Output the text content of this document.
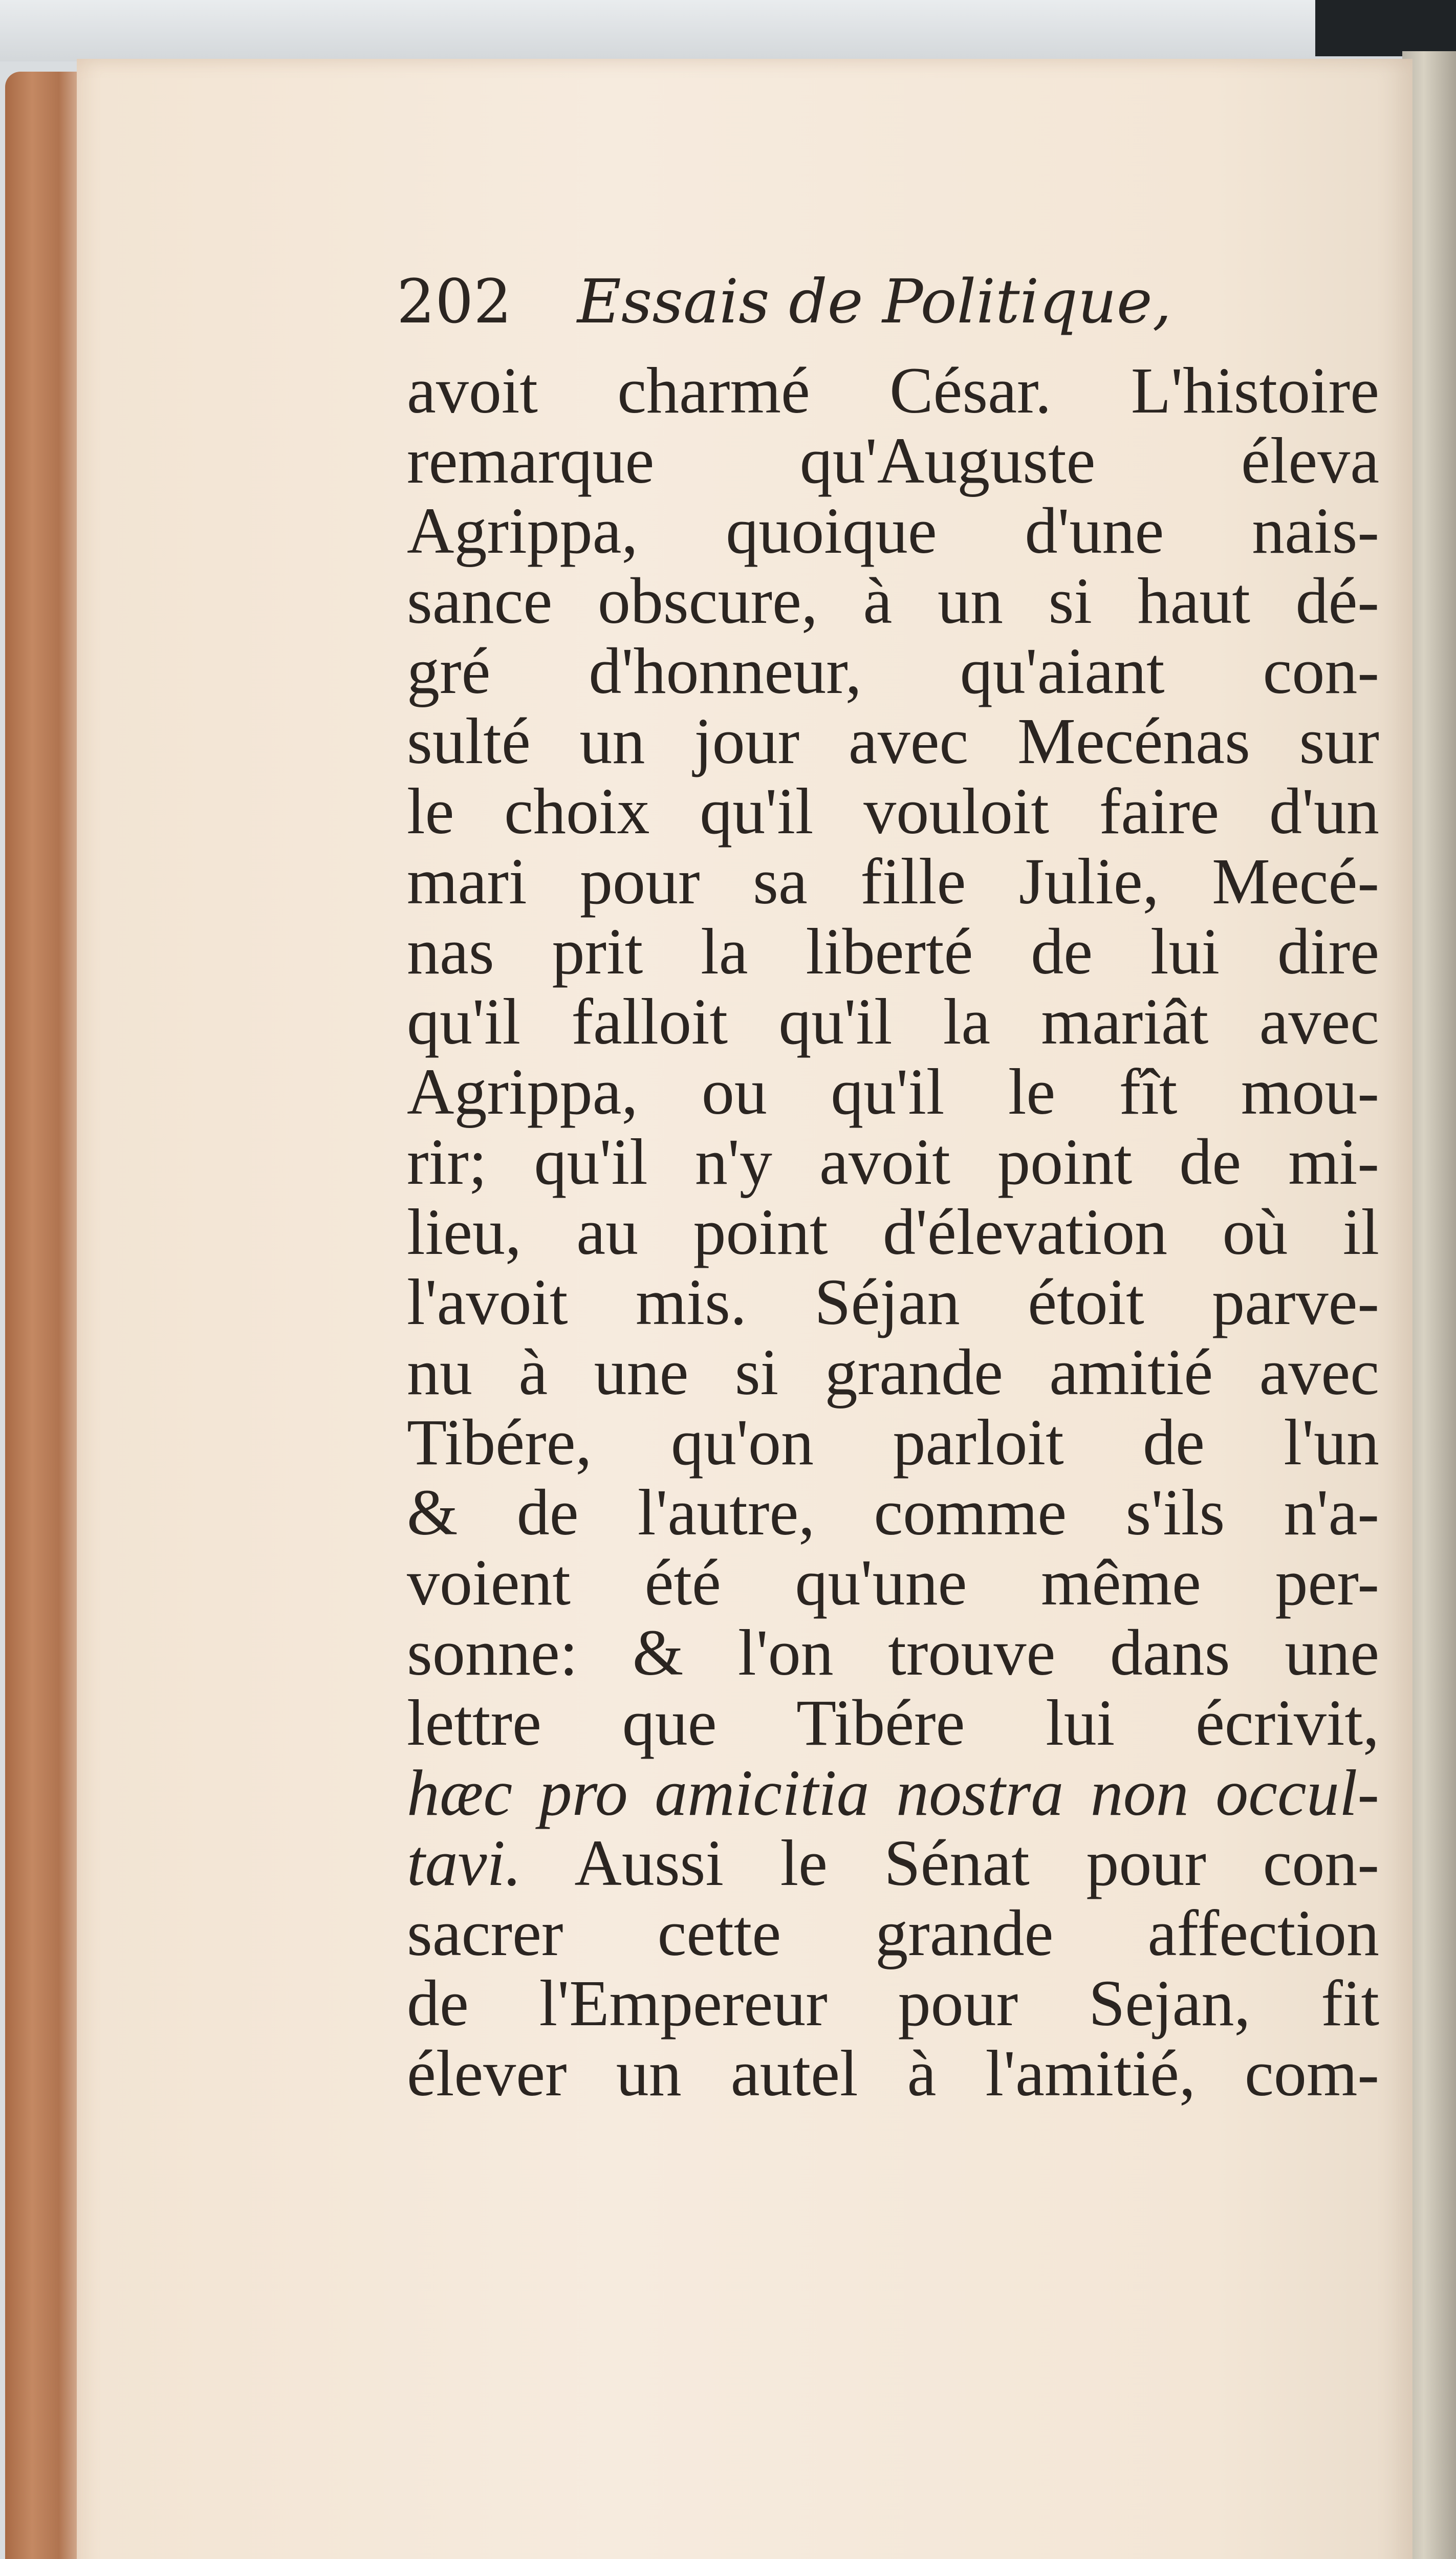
202 Essais de Politique,
avoit charmé César. L'histoire
remarque qu'Auguste éleva
Agrippa, quoique d'une nais-
sance obscure, à un si haut dé-
gré d'honneur, qu'aiant con-
sulté un jour avec Mecénas sur
le choix qu'il vouloit faire d'un
mari pour sa fille Julie, Mecé-
nas prit la liberté de lui dire
qu'il falloit qu'il la mariât avec
Agrippa, ou qu'il le fît mou-
rir; qu'il n'y avoit point de mi-
lieu, au point d'élevation où il
l'avoit mis. Séjan étoit parve-
nu à une si grande amitié avec
Tibére, qu'on parloit de l'un
& de l'autre, comme s'ils n'a-
voient été qu'une même per-
sonne: & l'on trouve dans une
lettre que Tibére lui écrivit,
hæc pro amicitia nostra non occul-
tavi. Aussi le Sénat pour con-
sacrer cette grande affection
de l'Empereur pour Sejan, fit
élever un autel à l'amitié, com-
